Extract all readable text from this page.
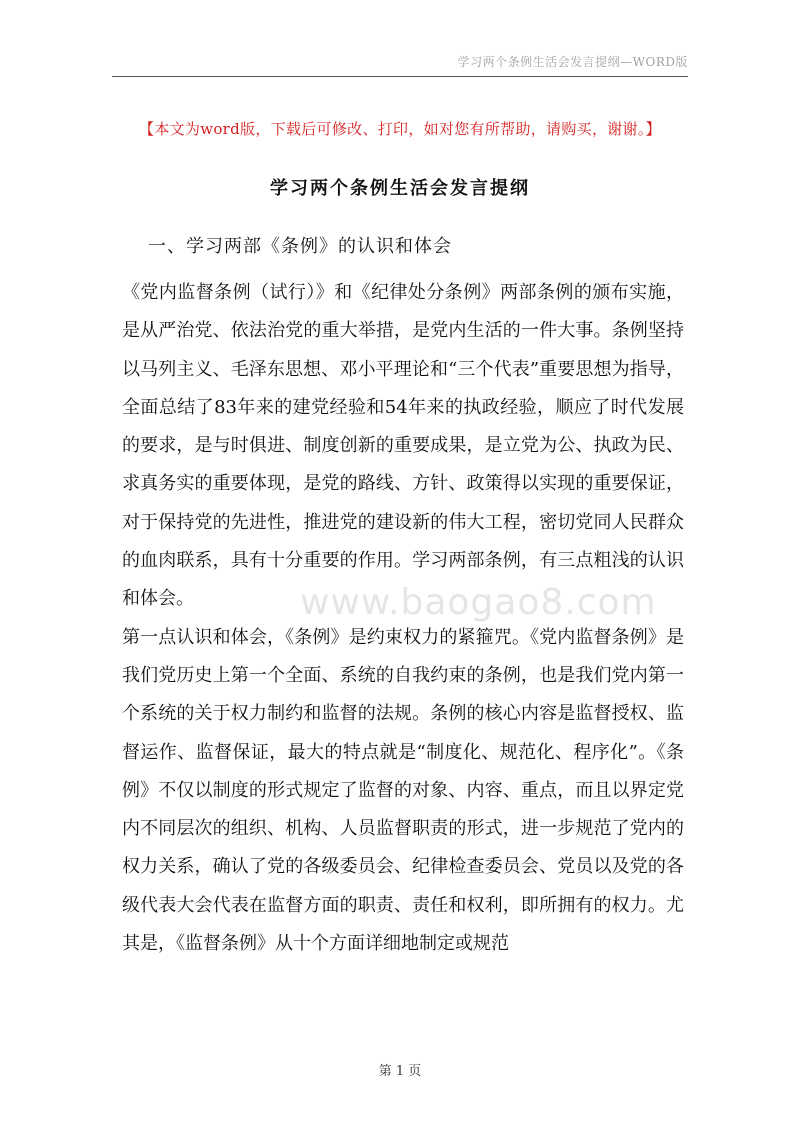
学习两个条例生活会发言提纲—WORD版
【本文为word版，下载后可修改、打印，如对您有所帮助，请购买，谢谢。】
学习两个条例生活会发言提纲
一、学习两部《条例》的认识和体会

《党内监督条例（试行）》和《纪律处分条例》两部条例的颁布实施，是从严治党、依法治党的重大举措，是党内生活的一件大事。条例坚持以马列主义、毛泽东思想、邓小平理论和“三个代表”重要思想为指导，全面总结了83年来的建党经验和54年来的执政经验，顺应了时代发展的要求，是与时俱进、制度创新的重要成果，是立党为公、执政为民、求真务实的重要体现，是党的路线、方针、政策得以实现的重要保证，对于保持党的先进性，推进党的建设新的伟大工程，密切党同人民群众的血肉联系，具有十分重要的作用。学习两部条例，有三点粗浅的认识和体会。

第一点认识和体会，《条例》是约束权力的紧箍咒。《党内监督条例》是我们党历史上第一个全面、系统的自我约束的条例，也是我们党内第一个系统的关于权力制约和监督的法规。条例的核心内容是监督授权、监督运作、监督保证，最大的特点就是“制度化、规范化、程序化”。《条例》不仅以制度的形式规定了监督的对象、内容、重点，而且以界定党内不同层次的组织、机构、人员监督职责的形式，进一步规范了党内的权力关系，确认了党的各级委员会、纪律检查委员会、党员以及党的各级代表大会代表在监督方面的职责、责任和权利，即所拥有的权力。尤其是，《监督条例》从十个方面详细地制定或规范

www.baogao8.com
第 1 页
